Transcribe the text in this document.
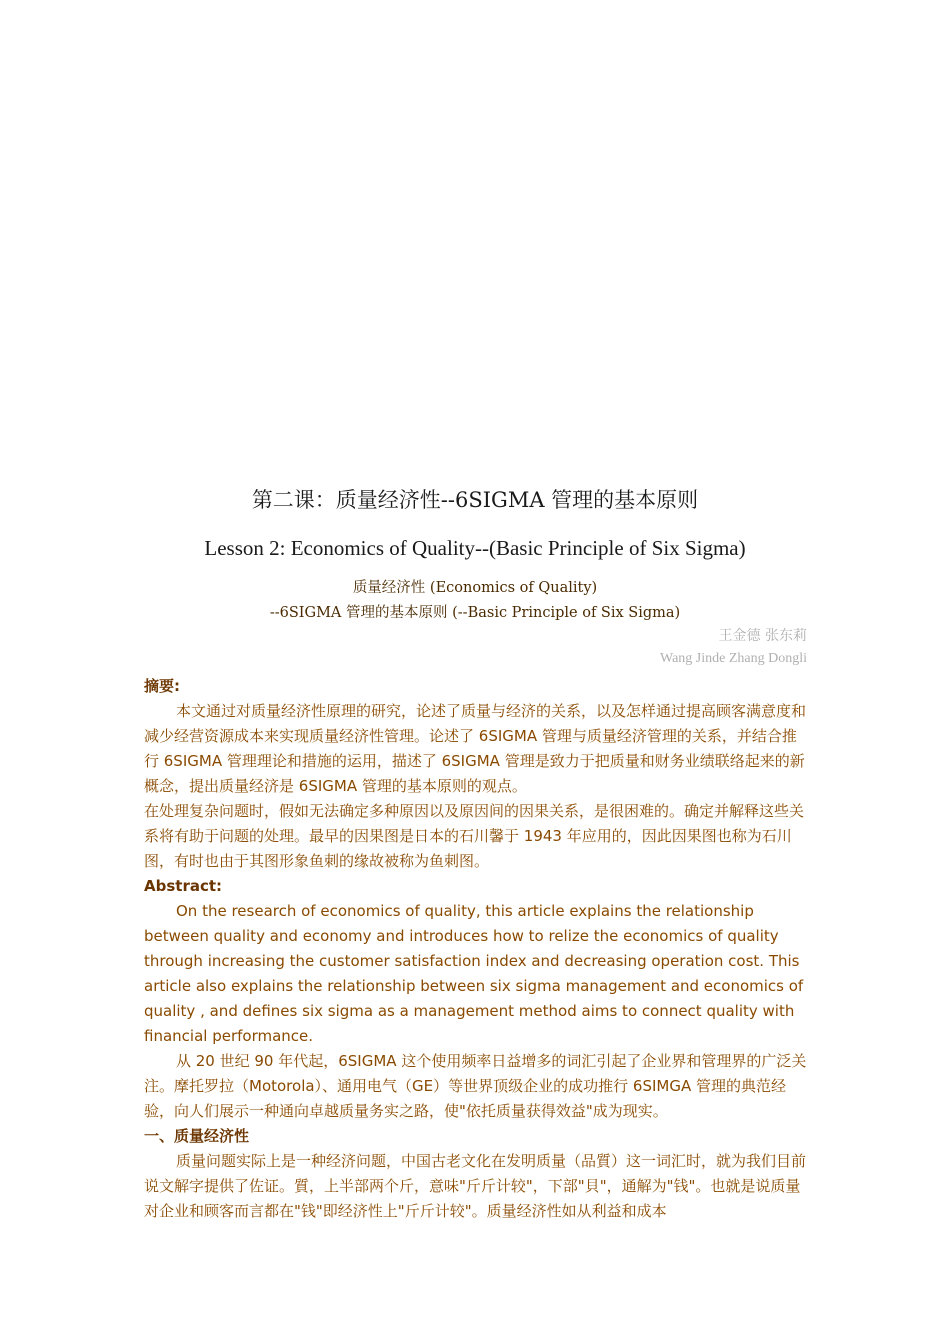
第二课：质量经济性--6SIGMA 管理的基本原则
Lesson 2: Economics of Quality--(Basic Principle of Six Sigma)
质量经济性 (Economics of Quality)
--6SIGMA 管理的基本原则 (--Basic Principle of Six Sigma)
王金德 张东莉
Wang Jinde Zhang Dongli

摘要:

本文通过对质量经济性原理的研究，论述了质量与经济的关系，以及怎样通过提高顾客满意度和减少经营资源成本来实现质量经济性管理。论述了 6SIGMA 管理与质量经济管理的关系，并结合推行 6SIGMA 管理理论和措施的运用，描述了 6SIGMA 管理是致力于把质量和财务业绩联络起来的新概念，提出质量经济是 6SIGMA 管理的基本原则的观点。

在处理复杂问题时，假如无法确定多种原因以及原因间的因果关系，是很困难的。确定并解释这些关系将有助于问题的处理。最早的因果图是日本的石川馨于 1943 年应用的，因此因果图也称为石川图，有时也由于其图形象鱼刺的缘故被称为鱼刺图。

Abstract:

On the research of economics of quality, this article explains the relationship between quality and economy and introduces how to relize the economics of quality through increasing the customer satisfaction index and decreasing operation cost. This article also explains the relationship between six sigma management and economics of quality , and defines six sigma as a management method aims to connect quality with financial performance.

从 20 世纪 90 年代起，6SIGMA 这个使用频率日益增多的词汇引起了企业界和管理界的广泛关注。摩托罗拉（Motorola）、通用电气（GE）等世界顶级企业的成功推行 6SIMGA 管理的典范经验，向人们展示一种通向卓越质量务实之路，使"依托质量获得效益"成为现实。

一、质量经济性

质量问题实际上是一种经济问题，中国古老文化在发明质量（品質）这一词汇时，就为我们目前说文解字提供了佐证。質，上半部两个斤，意味"斤斤计较"，下部"貝"，通解为"钱"。也就是说质量对企业和顾客而言都在"钱"即经济性上"斤斤计较"。质量经济性如从利益和成本
